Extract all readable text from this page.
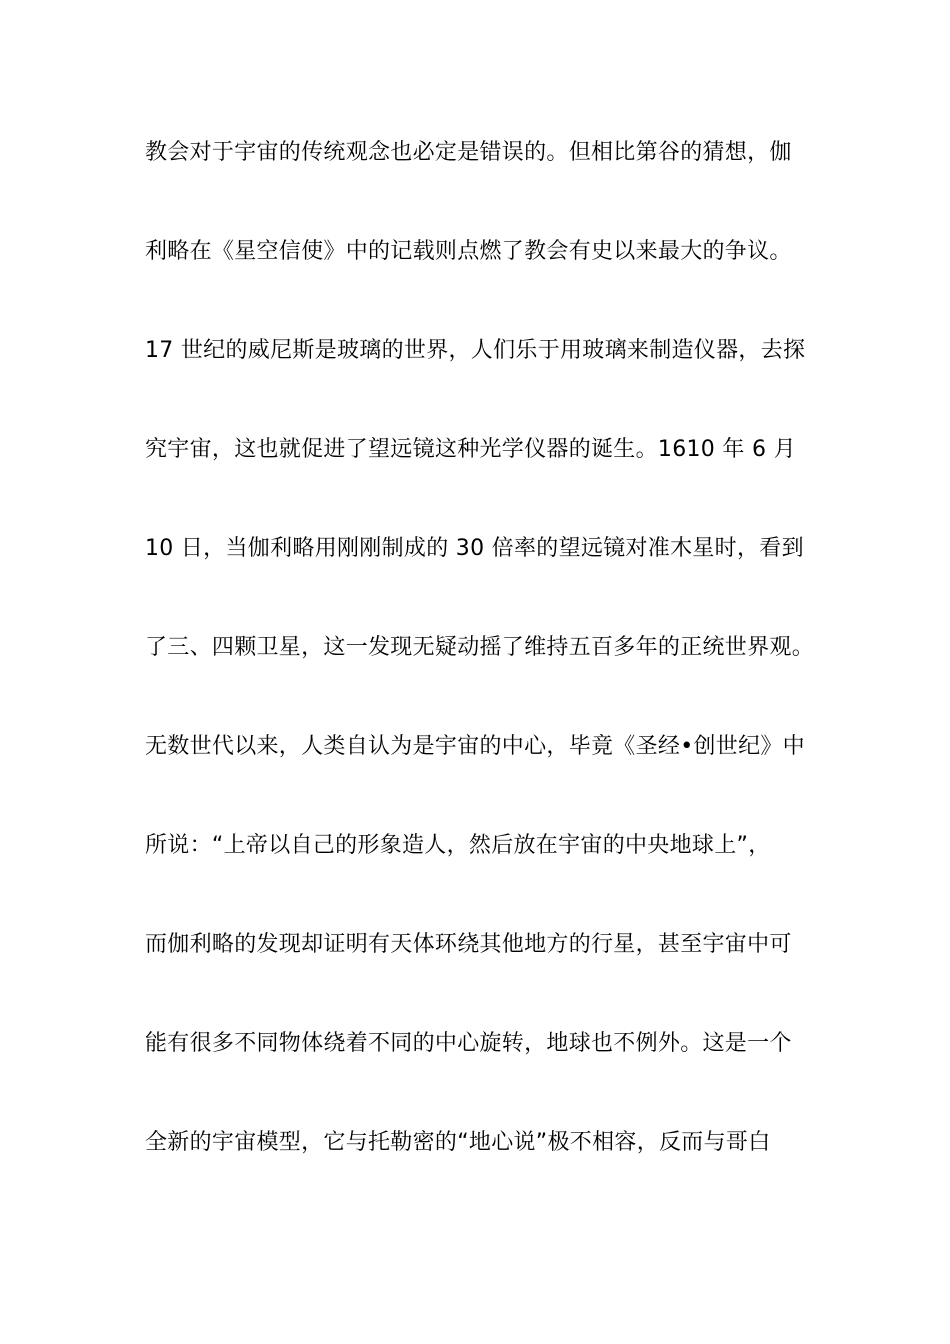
教会对于宇宙的传统观念也必定是错误的。但相比第谷的猜想，伽
利略在《星空信使》中的记载则点燃了教会有史以来最大的争议。
17 世纪的威尼斯是玻璃的世界，人们乐于用玻璃来制造仪器，去探
究宇宙，这也就促进了望远镜这种光学仪器的诞生。1610 年 6 月
10 日，当伽利略用刚刚制成的 30 倍率的望远镜对准木星时，看到
了三、四颗卫星，这一发现无疑动摇了维持五百多年的正统世界观。
无数世代以来，人类自认为是宇宙的中心，毕竟《圣经•创世纪》中
所说：“上帝以自己的形象造人，然后放在宇宙的中央地球上”，
而伽利略的发现却证明有天体环绕其他地方的行星，甚至宇宙中可
能有很多不同物体绕着不同的中心旋转，地球也不例外。这是一个
全新的宇宙模型，它与托勒密的“地心说”极不相容，反而与哥白
